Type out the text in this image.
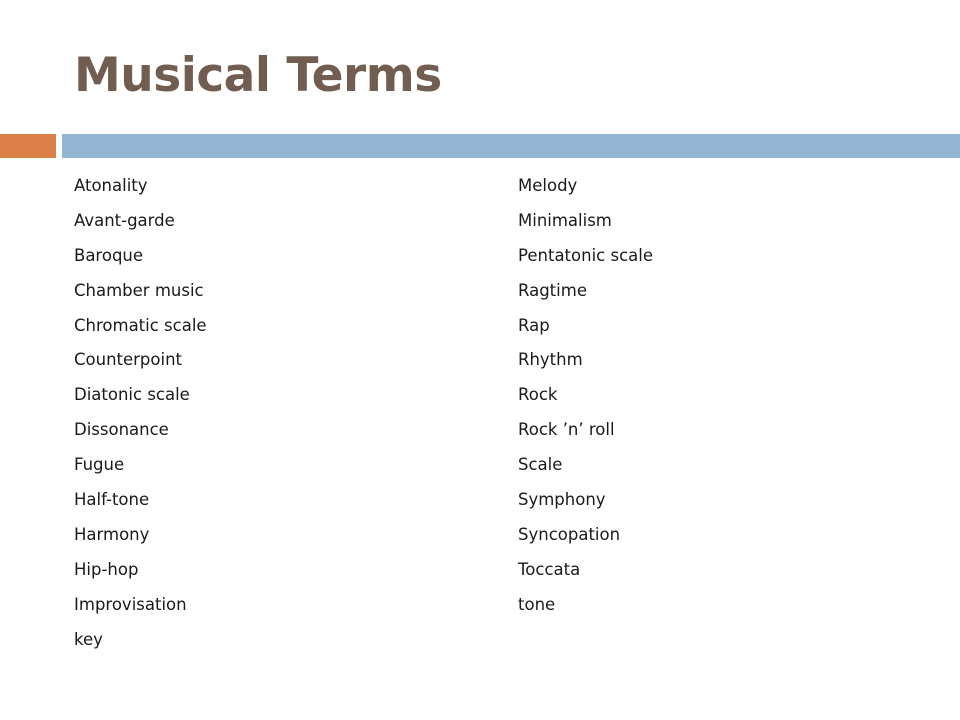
Musical Terms
Atonality
Avant-garde
Baroque
Chamber music
Chromatic scale
Counterpoint
Diatonic scale
Dissonance
Fugue
Half-tone
Harmony
Hip-hop
Improvisation
key
Melody
Minimalism
Pentatonic scale
Ragtime
Rap
Rhythm
Rock
Rock ’n’ roll
Scale
Symphony
Syncopation
Toccata
tone
